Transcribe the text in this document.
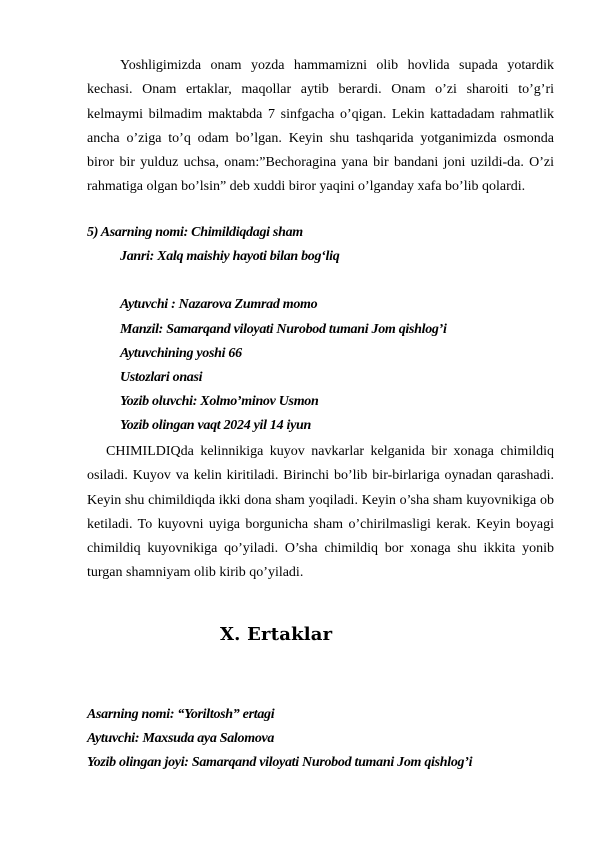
Yoshligimizda onam yozda hammamizni olib hovlida supada yotardik kechasi. Onam ertaklar, maqollar aytib berardi. Onam o’zi sharoiti to’g’ri kelmaymi bilmadim maktabda 7 sinfgacha o’qigan. Lekin kattadadam rahmatlik ancha o’ziga to’q odam bo’lgan. Keyin shu tashqarida yotganimizda osmonda biror bir yulduz uchsa, onam:”Bechoragina yana bir bandani joni uzildi-da. O’zi rahmatiga olgan bo’lsin” deb xuddi biror yaqini o’lganday xafa bo’lib qolardi.

5) Asarning nomi: Chimildiqdagi sham

Janri: Xalq maishiy hayoti bilan bog‘liq

Aytuvchi : Nazarova Zumrad momo

Manzil: Samarqand viloyati Nurobod tumani Jom qishlog’i

Aytuvchining yoshi 66

Ustozlari onasi

Yozib oluvchi: Xolmo’minov Usmon

Yozib olingan vaqt 2024 yil 14 iyun

CHIMILDIQda kelinnikiga kuyov navkarlar kelganida bir xonaga chimildiq osiladi. Kuyov va kelin kiritiladi. Birinchi bo’lib bir-birlariga oynadan qarashadi. Keyin shu chimildiqda ikki dona sham yoqiladi. Keyin o’sha sham kuyovnikiga ob ketiladi. To kuyovni uyiga borgunicha sham o’chirilmasligi kerak. Keyin boyagi chimildiq kuyovnikiga qo’yiladi. O’sha chimildiq bor xonaga shu ikkita yonib turgan shamniyam olib kirib qo’yiladi.

X. Ertaklar

Asarning nomi: “Yoriltosh” ertagi

Aytuvchi: Maxsuda aya Salomova

Yozib olingan joyi: Samarqand viloyati Nurobod tumani Jom qishlog’i
